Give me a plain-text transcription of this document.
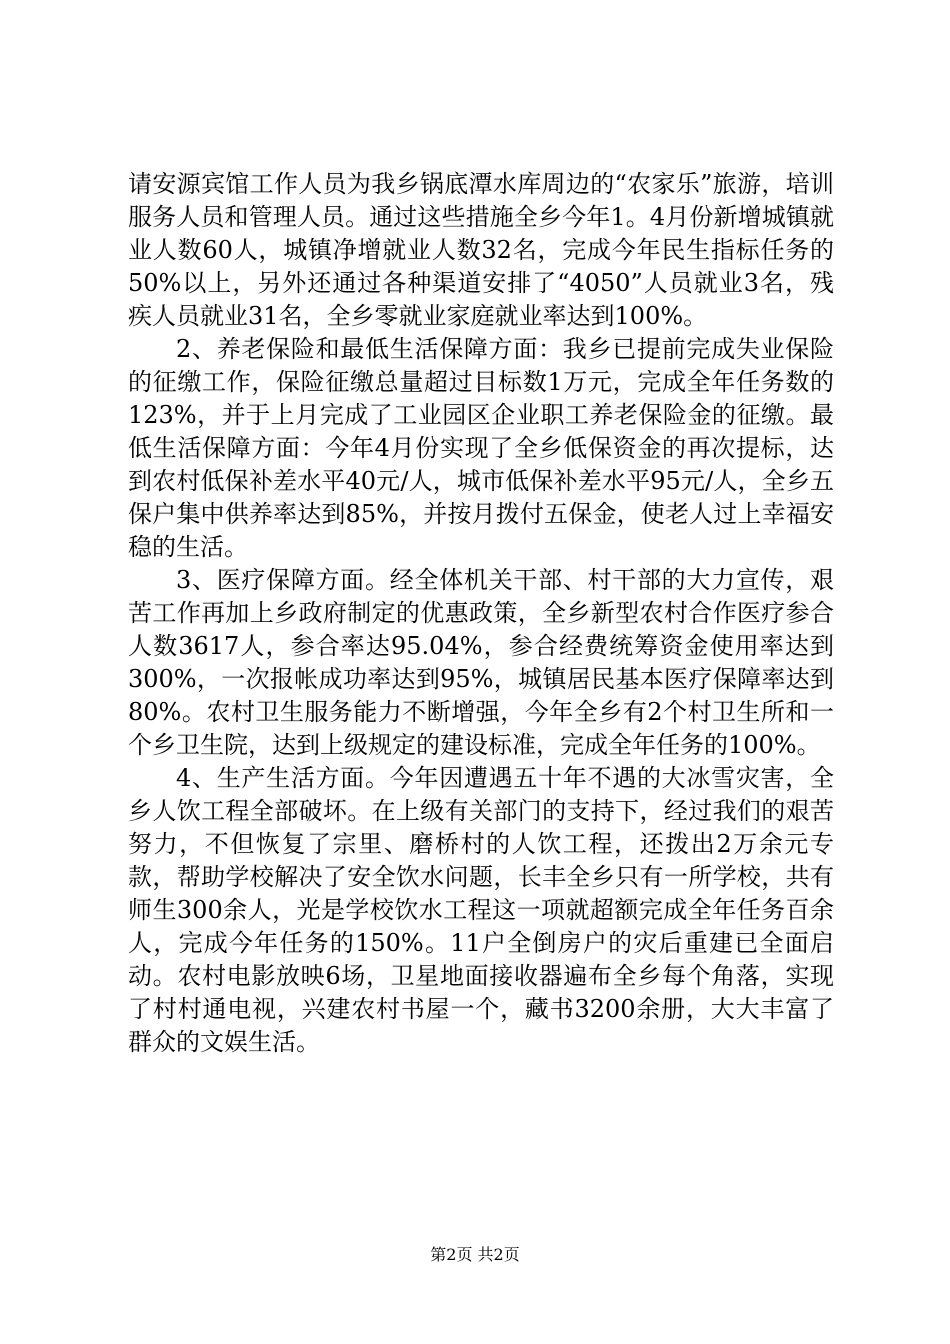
请安源宾馆工作人员为我乡锅底潭水库周边的“农家乐”旅游，培训服务人员和管理人员。通过这些措施全乡今年1。4月份新增城镇就业人数60人，城镇净增就业人数32名，完成今年民生指标任务的50%以上，另外还通过各种渠道安排了“4050”人员就业3名，残疾人员就业31名，全乡零就业家庭就业率达到100%。

2、养老保险和最低生活保障方面：我乡已提前完成失业保险的征缴工作，保险征缴总量超过目标数1万元，完成全年任务数的123%，并于上月完成了工业园区企业职工养老保险金的征缴。最低生活保障方面：今年4月份实现了全乡低保资金的再次提标，达到农村低保补差水平40元/人，城市低保补差水平95元/人，全乡五保户集中供养率达到85%，并按月拨付五保金，使老人过上幸福安稳的生活。

3、医疗保障方面。经全体机关干部、村干部的大力宣传，艰苦工作再加上乡政府制定的优惠政策，全乡新型农村合作医疗参合人数3617人，参合率达95.04%，参合经费统筹资金使用率达到300%，一次报帐成功率达到95%，城镇居民基本医疗保障率达到80%。农村卫生服务能力不断增强，今年全乡有2个村卫生所和一个乡卫生院，达到上级规定的建设标准，完成全年任务的100%。

4、生产生活方面。今年因遭遇五十年不遇的大冰雪灾害，全乡人饮工程全部破坏。在上级有关部门的支持下，经过我们的艰苦努力，不但恢复了宗里、磨桥村的人饮工程，还拨出2万余元专款，帮助学校解决了安全饮水问题，长丰全乡只有一所学校，共有师生300余人，光是学校饮水工程这一项就超额完成全年任务百余人，完成今年任务的150%。11户全倒房户的灾后重建已全面启动。农村电影放映6场，卫星地面接收器遍布全乡每个角落，实现了村村通电视，兴建农村书屋一个，藏书3200余册，大大丰富了群众的文娱生活。

第2页 共2页
